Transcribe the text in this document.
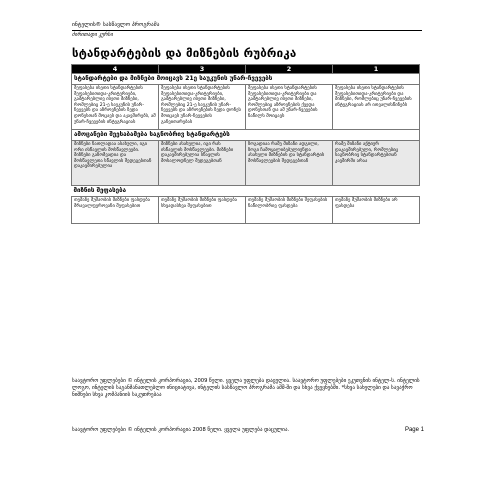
ინტელის® სასწავლო პროგრამა
ძირითადი კურსი
სტანდარტების და მიზნების რუბრიკა
4	3	2	1
სტანდარტები და მიზნები მოიცავს 21ე საუკუნის უნარ-ჩვევებს			
შეფასება ისეთი სტანდარტების შეფასებითიდა-კრიტერიები, გამტარებლივ ისეთი მიზნები, რომლებიც 21-ე საუკუნის უნარ-ჩვევებს და აზროვნების ზედა დონესთან მოცავს და აკავშირებს, ამ უნარ-ჩვევების ინტეგრაციას	შეფასება ისეთი სტანდარტების შეფასებითიდა-კრიტერიები, გამტარებლივ ისეთი მიზნები, რომლებიც 21-ე საუკუნის უნარ-ჩვევებს და აზროვნების ზედა დონეს მოიცავს უნარ-ჩვევების განვითარებას	შეფასება ისეთი სტანდარტების შეფასებითიდა-კრიტერიები და გამტარებლივ ისეთი მიზნები, რომლებიც აზროვნების ქვედა დონესთან და ამ უნარ-ჩვევების ნაწილს მოიცავს	შეფასება ისეთი სტანდარტების შეფასებითიდა-კრიტერიები და მიზნები, რომლებიც უნარ-ჩვევების ინტეგრაციას არ ითვალისწინებს
ამოცანები შეესაბამება საგნობრივ სტანდარტებს			
მიზნები ნათლადაა ასახული, იგი ორი ისწავლის მოსწავლეები. მიზნები გაზომვადია და მოსწავლეთა სწავლის შედეგებთან დაკავშირებულია	მიზნები ასახულია, იგი რას ისწავლის მოსწავლეები. მიზნები დაკავშირებულია სწავლის მოსალოდნელ შედეგებთან	ზოგადიაა რამე მიზანი ადგილი, ზოგი ჩამოყალიბებულიუნდა ასახული მიზნების და სტანდარტის მოსწავლეების შედეგებთან	რამე მიზანი აქტიურ დაკავშირებული, რომლებიც საგნობრივ სტანდარტებთან კავშირში არაა
მიზნის შეფასება			
თემაზე მუშაობის მიზნები ფასდება მრავალფეროვანი შეფასებით	თემაზე მუშაობის მიზნები ფასდება სხვადასხვა შეფასებით	თემაზე მუშაობის მიზნები შეფასების ნაწილობრივ ფასდება	თემაზე მუშაობის მიზნები არ ფასდება
საავტორო უფლებები © ინტელის კორპორაცია, 2009 წელი. ყველა უფლება დაცულია. საავტორო უფლებები ეკუთვნის ინტელ-ს. ინტელის ლოგო, ინტელის საგანმანათლებლო ინიციატივა, ინტელის სასწავლო პროგრამა აშშ-ში და სხვა ქვეყნებში. *სხვა სახელები და სავაჭრო ნიშნები სხვა კომპანიის საკუთრებაა
საავტორო უფლებები © ინტელის კორპორაცია 2008 წელი. ყველა უფლება დაცულია.	Page 1
